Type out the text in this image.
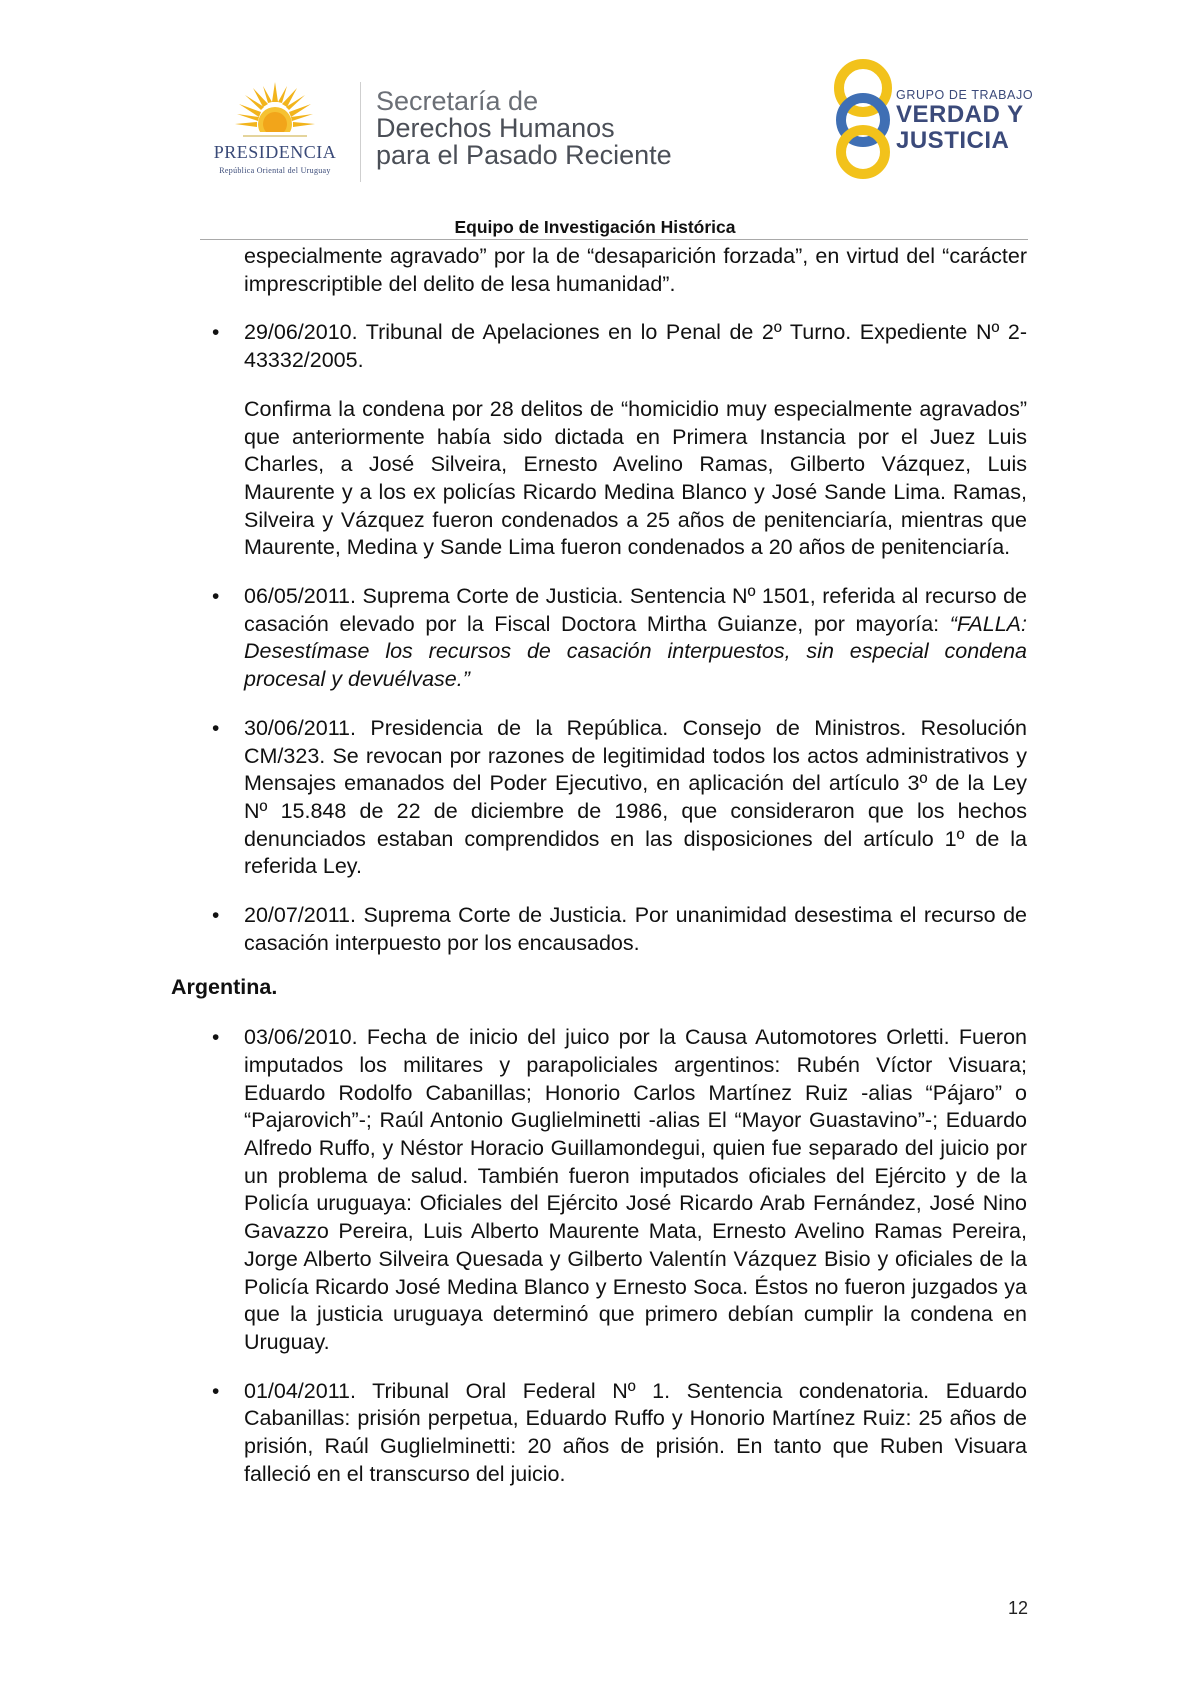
PRESIDENCIA
República Oriental del Uruguay
Secretaría de
Derechos Humanos
para el Pasado Reciente
GRUPO DE TRABAJO
VERDAD Y
JUSTICIA
Equipo de Investigación Histórica

especialmente agravado” por la de “desaparición forzada”, en virtud del “carácter imprescriptible del delito de lesa humanidad”.

• 29/06/2010. Tribunal de Apelaciones en lo Penal de 2º Turno. Expediente Nº 2-43332/2005.

Confirma la condena por 28 delitos de “homicidio muy especialmente agravados” que anteriormente había sido dictada en Primera Instancia por el Juez Luis Charles, a José Silveira, Ernesto Avelino Ramas, Gilberto Vázquez, Luis Maurente y a los ex policías Ricardo Medina Blanco y José Sande Lima. Ramas, Silveira y Vázquez fueron condenados a 25 años de penitenciaría, mientras que Maurente, Medina y Sande Lima fueron condenados a 20 años de penitenciaría.

• 06/05/2011. Suprema Corte de Justicia. Sentencia Nº 1501, referida al recurso de casación elevado por la Fiscal Doctora Mirtha Guianze, por mayoría: “FALLA: Desestímase los recursos de casación interpuestos, sin especial condena procesal y devuélvase.”

• 30/06/2011. Presidencia de la República. Consejo de Ministros. Resolución CM/323. Se revocan por razones de legitimidad todos los actos administrativos y Mensajes emanados del Poder Ejecutivo, en aplicación del artículo 3º de la Ley Nº 15.848 de 22 de diciembre de 1986, que consideraron que los hechos denunciados estaban comprendidos en las disposiciones del artículo 1º de la referida Ley.

• 20/07/2011. Suprema Corte de Justicia. Por unanimidad desestima el recurso de casación interpuesto por los encausados.

Argentina.

• 03/06/2010. Fecha de inicio del juico por la Causa Automotores Orletti. Fueron imputados los militares y parapoliciales argentinos: Rubén Víctor Visuara; Eduardo Rodolfo Cabanillas; Honorio Carlos Martínez Ruiz -alias “Pájaro” o “Pajarovich”-; Raúl Antonio Guglielminetti -alias El “Mayor Guastavino”-; Eduardo Alfredo Ruffo, y Néstor Horacio Guillamondegui, quien fue separado del juicio por un problema de salud. También fueron imputados oficiales del Ejército y de la Policía uruguaya: Oficiales del Ejército José Ricardo Arab Fernández, José Nino Gavazzo Pereira, Luis Alberto Maurente Mata, Ernesto Avelino Ramas Pereira, Jorge Alberto Silveira Quesada y Gilberto Valentín Vázquez Bisio y oficiales de la Policía Ricardo José Medina Blanco y Ernesto Soca. Éstos no fueron juzgados ya que la justicia uruguaya determinó que primero debían cumplir la condena en Uruguay.

• 01/04/2011. Tribunal Oral Federal Nº 1. Sentencia condenatoria. Eduardo Cabanillas: prisión perpetua, Eduardo Ruffo y Honorio Martínez Ruiz: 25 años de prisión, Raúl Guglielminetti: 20 años de prisión. En tanto que Ruben Visuara falleció en el transcurso del juicio.

12
